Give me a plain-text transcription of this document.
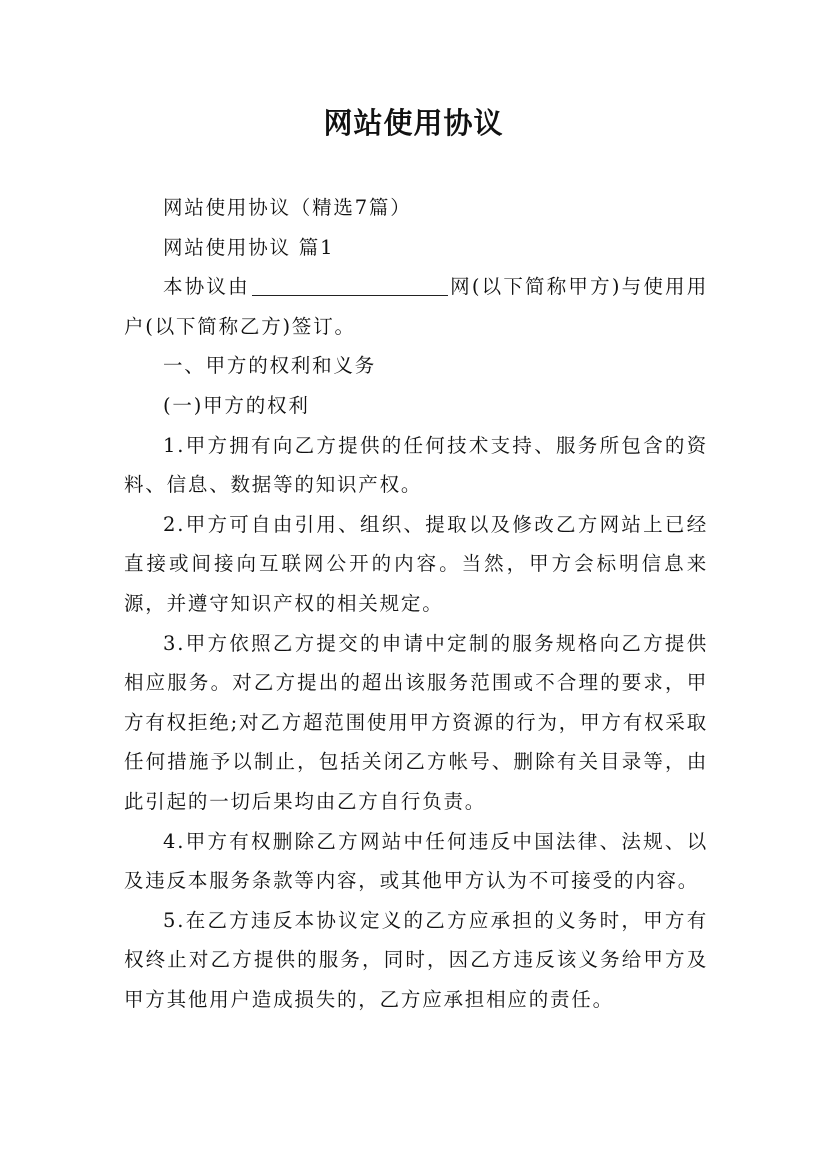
网站使用协议

网站使用协议（精选7篇）

网站使用协议 篇1

本协议由	网(以下简称甲方)与使用用户(以下简称乙方)签订。

一、甲方的权利和义务

(一)甲方的权利

1.甲方拥有向乙方提供的任何技术支持、服务所包含的资料、信息、数据等的知识产权。

2.甲方可自由引用、组织、提取以及修改乙方网站上已经直接或间接向互联网公开的内容。当然，甲方会标明信息来源，并遵守知识产权的相关规定。

3.甲方依照乙方提交的申请中定制的服务规格向乙方提供相应服务。对乙方提出的超出该服务范围或不合理的要求，甲方有权拒绝;对乙方超范围使用甲方资源的行为，甲方有权采取任何措施予以制止，包括关闭乙方帐号、删除有关目录等，由此引起的一切后果均由乙方自行负责。

4.甲方有权删除乙方网站中任何违反中国法律、法规、以及违反本服务条款等内容，或其他甲方认为不可接受的内容。

5.在乙方违反本协议定义的乙方应承担的义务时，甲方有权终止对乙方提供的服务，同时，因乙方违反该义务给甲方及甲方其他用户造成损失的，乙方应承担相应的责任。
